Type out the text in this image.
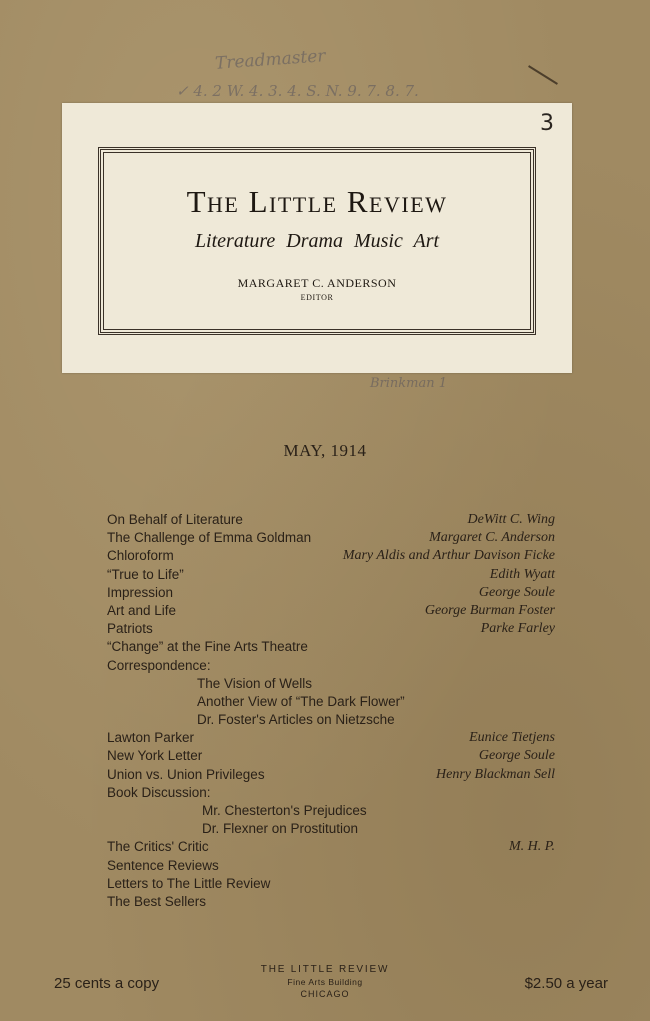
Treadmaster
✓ 4. 2 W. 4. 3. 4. S. N. 9. 7. 8. 7.
3
The Little Review
Literature Drama Music Art
MARGARET C. ANDERSON
EDITOR
Brinkman 1
MAY, 1914
On Behalf of Literature	DeWitt C. Wing
The Challenge of Emma Goldman	Margaret C. Anderson
Chloroform	Mary Aldis and Arthur Davison Ficke
“True to Life”	Edith Wyatt
Impression	George Soule
Art and Life	George Burman Foster
Patriots	Parke Farley
“Change” at the Fine Arts Theatre
Correspondence:
The Vision of Wells
Another View of “The Dark Flower”
Dr. Foster's Articles on Nietzsche
Lawton Parker	Eunice Tietjens
New York Letter	George Soule
Union vs. Union Privileges	Henry Blackman Sell
Book Discussion:
Mr. Chesterton's Prejudices
Dr. Flexner on Prostitution
The Critics' Critic	M. H. P.
Sentence Reviews
Letters to The Little Review
The Best Sellers
25 cents a copy
THE LITTLE REVIEW
Fine Arts Building
CHICAGO
$2.50 a year
